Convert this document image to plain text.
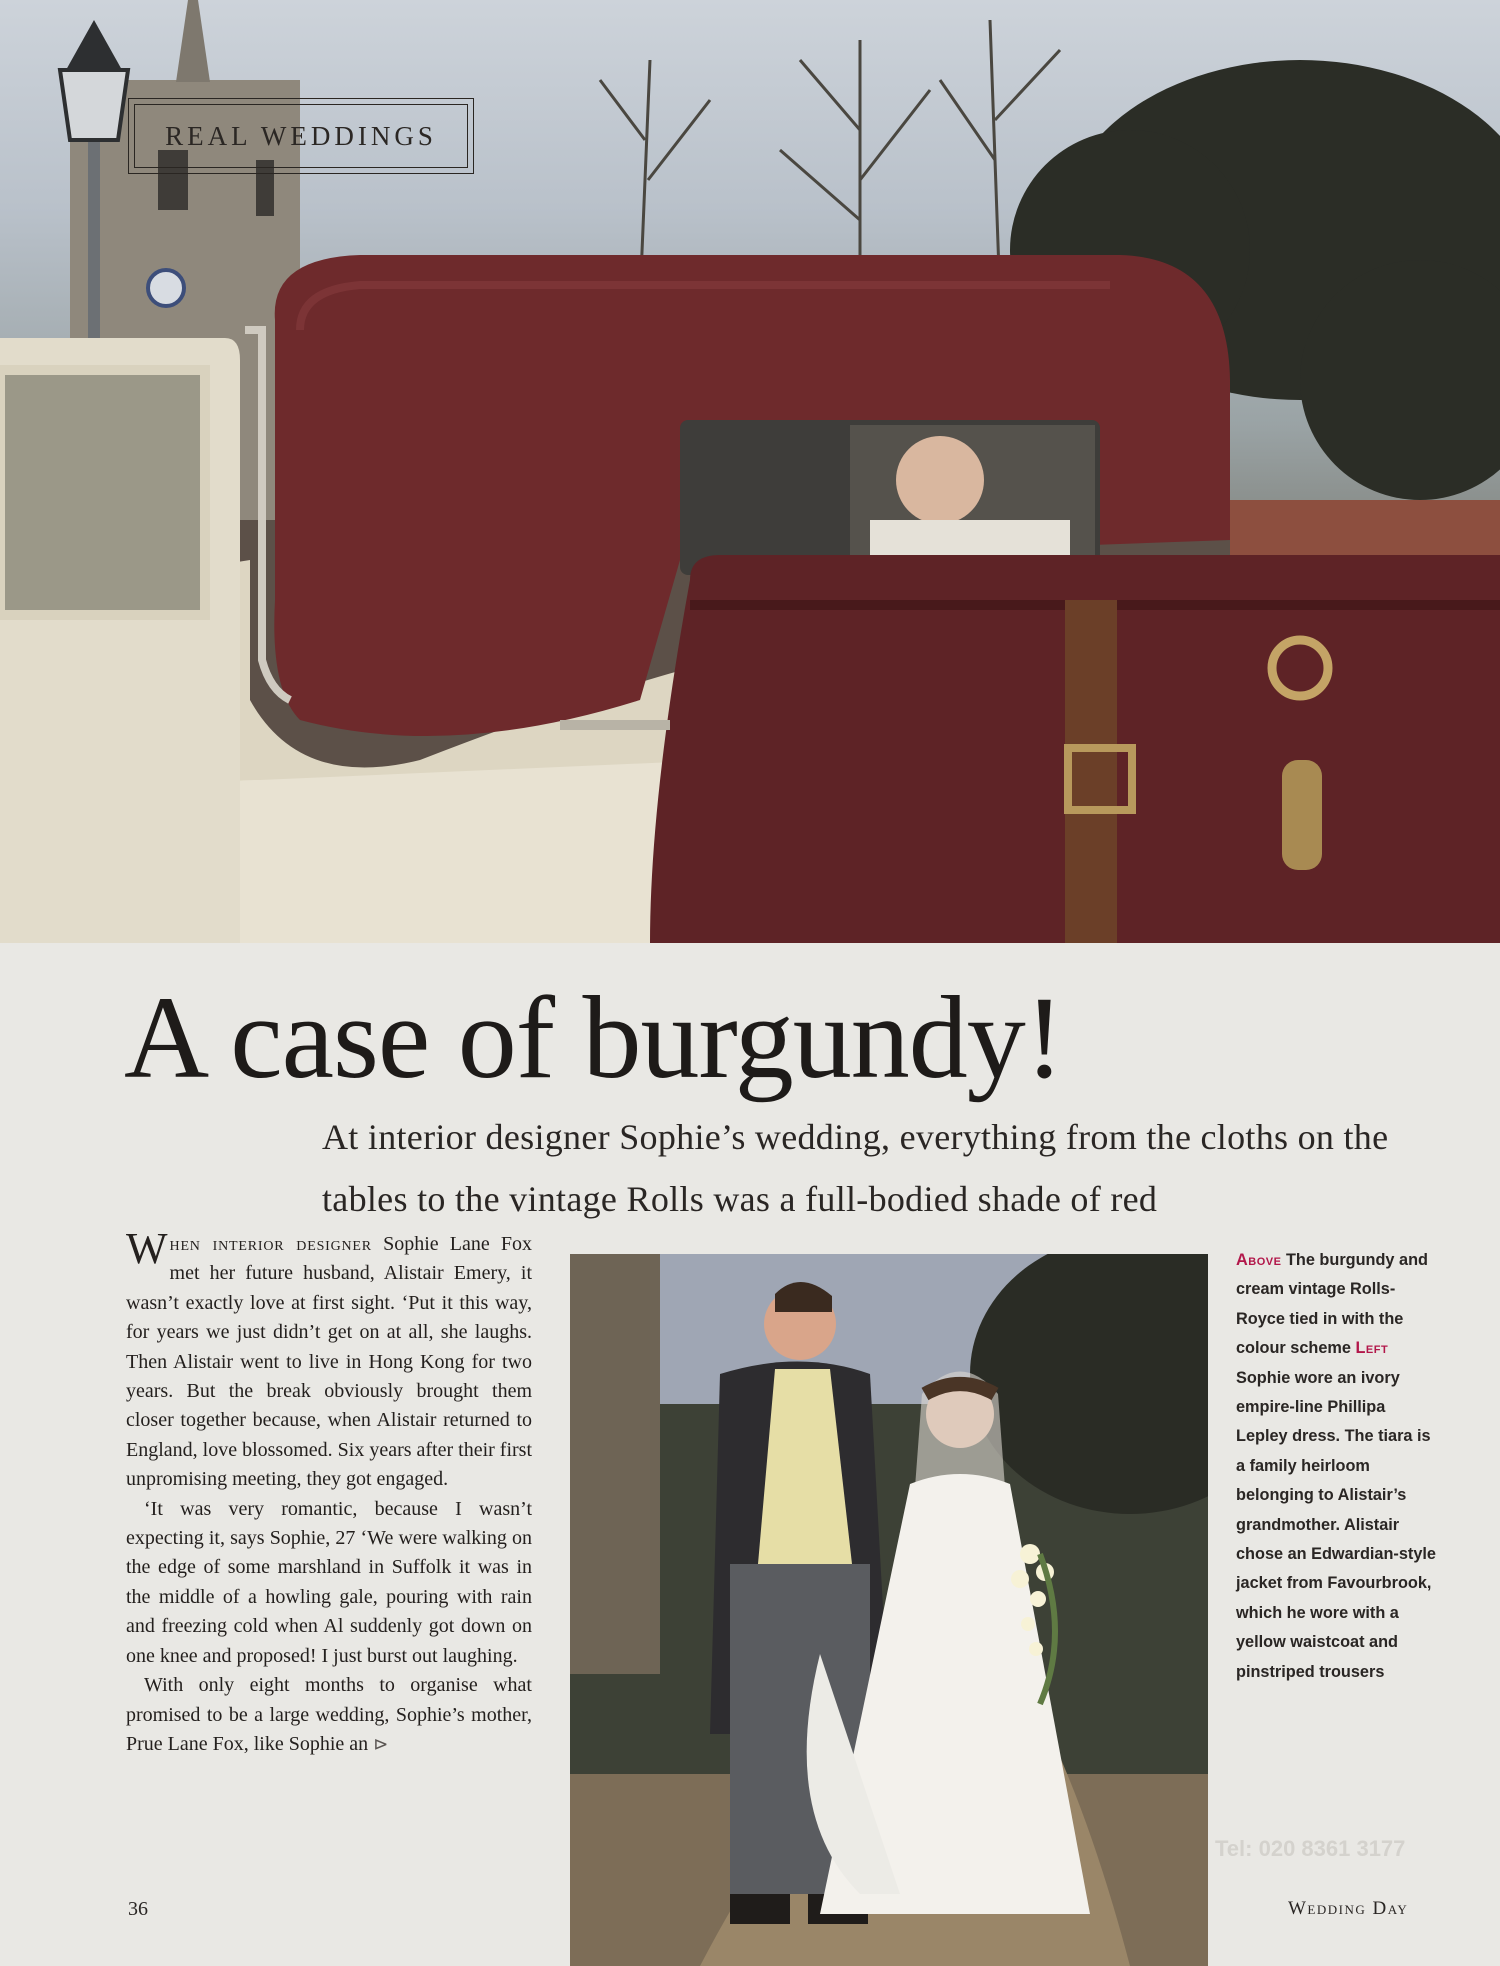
REAL WEDDINGS
A case of burgundy!

At interior designer Sophie’s wedding, everything from the cloths on the tables to the vintage Rolls was a full-bodied shade of red

When interior designer Sophie Lane Fox met her future husband, Alistair Emery, it wasn’t exactly love at first sight. ‘Put it this way, for years we just didn’t get on at all, she laughs. Then Alistair went to live in Hong Kong for two years. But the break obviously brought them closer together because, when Alistair returned to England, love blossomed. Six years after their first unpromising meeting, they got engaged.

‘It was very romantic, because I wasn’t expecting it, says Sophie, 27 ‘We were walking on the edge of some marshland in Suffolk it was in the middle of a howling gale, pouring with rain and freezing cold when Al suddenly got down on one knee and proposed! I just burst out laughing.

With only eight months to organise what promised to be a large wedding, Sophie’s mother, Prue Lane Fox, like Sophie an ⊳

Above The burgundy and cream vintage Rolls-Royce tied in with the colour scheme Left Sophie wore an ivory empire-line Phillipa Lepley dress. The tiara is a family heirloom belonging to Alistair’s grandmother. Alistair chose an Edwardian-style jacket from Favourbrook, which he wore with a yellow waistcoat and pinstriped trousers

Tel: 020 8361 3177
36	Wedding Day
